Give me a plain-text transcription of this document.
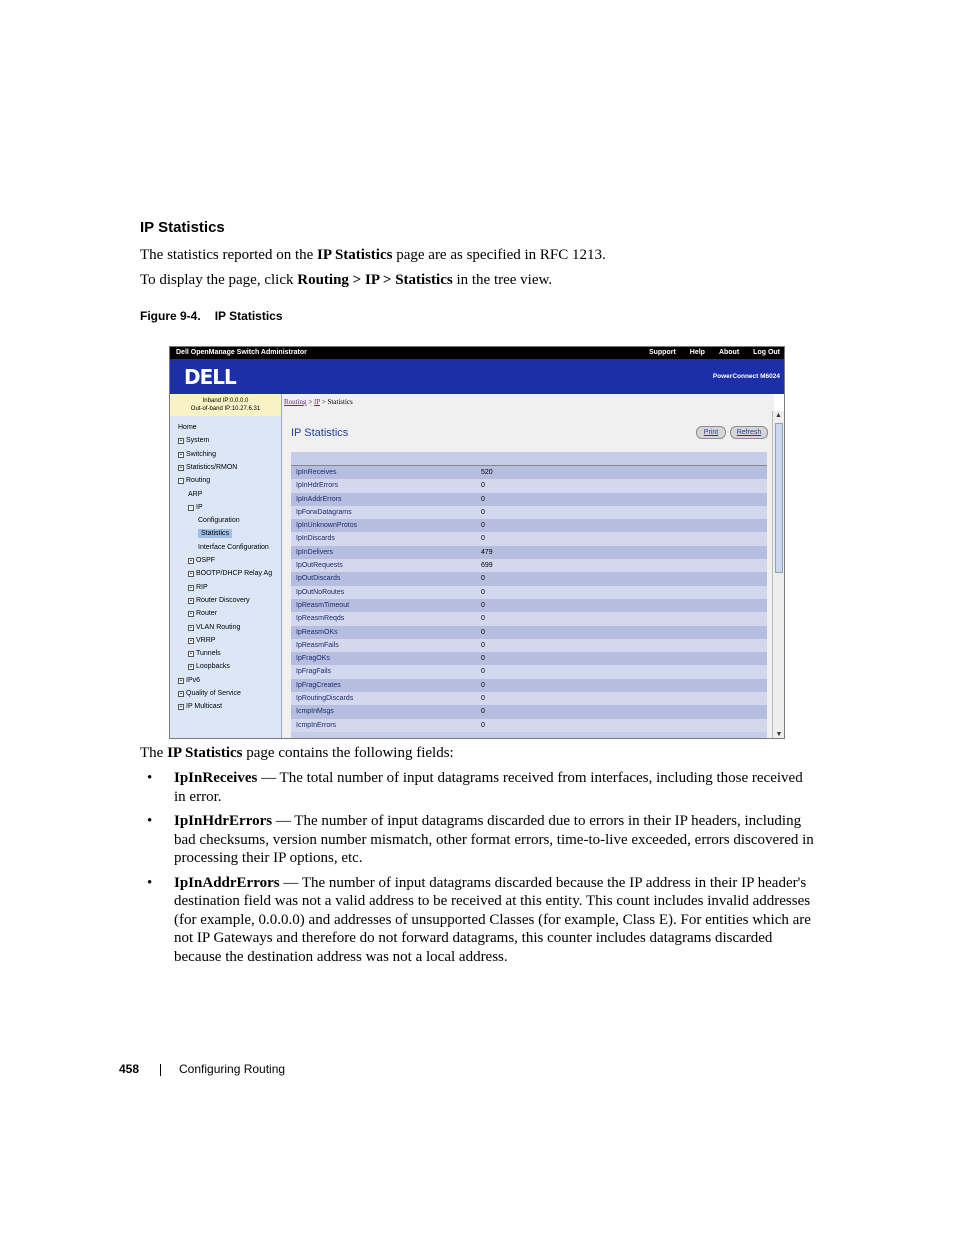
IP Statistics

The statistics reported on the IP Statistics page are as specified in RFC 1213.

To display the page, click Routing > IP > Statistics in the tree view.

Figure 9-4. IP Statistics
Dell OpenManage Switch Administrator	Support Help About Log Out
DELL	PowerConnect M6024
Inband IP:0.0.0.0
Out-of-band IP:10.27.6.31
Home
+ System
+ Switching
+ Statistics/RMON
- Routing
ARP
- IP
Configuration
Statistics
Interface Configuration
+ OSPF
+ BOOTP/DHCP Relay Ag
+ RIP
+ Router Discovery
+ Router
+ VLAN Routing
+ VRRP
+ Tunnels
+ Loopbacks
+ IPv6
+ Quality of Service
+ IP Multicast
Routing > IP > Statistics
IP Statistics	Print	Refresh
IpInReceives	520
IpInHdrErrors	0
IpInAddrErrors	0
IpForwDatagrams	0
IpInUnknownProtos	0
IpInDiscards	0
IpInDelivers	479
IpOutRequests	699
IpOutDiscards	0
IpOutNoRoutes	0
IpReasmTimeout	0
IpReasmReqds	0
IpReasmOKs	0
IpReasmFails	0
IpFragOKs	0
IpFragFails	0
IpFragCreates	0
IpRoutingDiscards	0
IcmpInMsgs	0
IcmpInErrors	0
▲
▼

The IP Statistics page contains the following fields:

• IpInReceives — The total number of input datagrams received from interfaces, including those received in error.
• IpInHdrErrors — The number of input datagrams discarded due to errors in their IP headers, including bad checksums, version number mismatch, other format errors, time-to-live exceeded, errors discovered in processing their IP options, etc.
• IpInAddrErrors — The number of input datagrams discarded because the IP address in their IP header's destination field was not a valid address to be received at this entity. This count includes invalid addresses (for example, 0.0.0.0) and addresses of unsupported Classes (for example, Class E). For entities which are not IP Gateways and therefore do not forward datagrams, this counter includes datagrams discarded because the destination address was not a local address.
458	Configuring Routing
